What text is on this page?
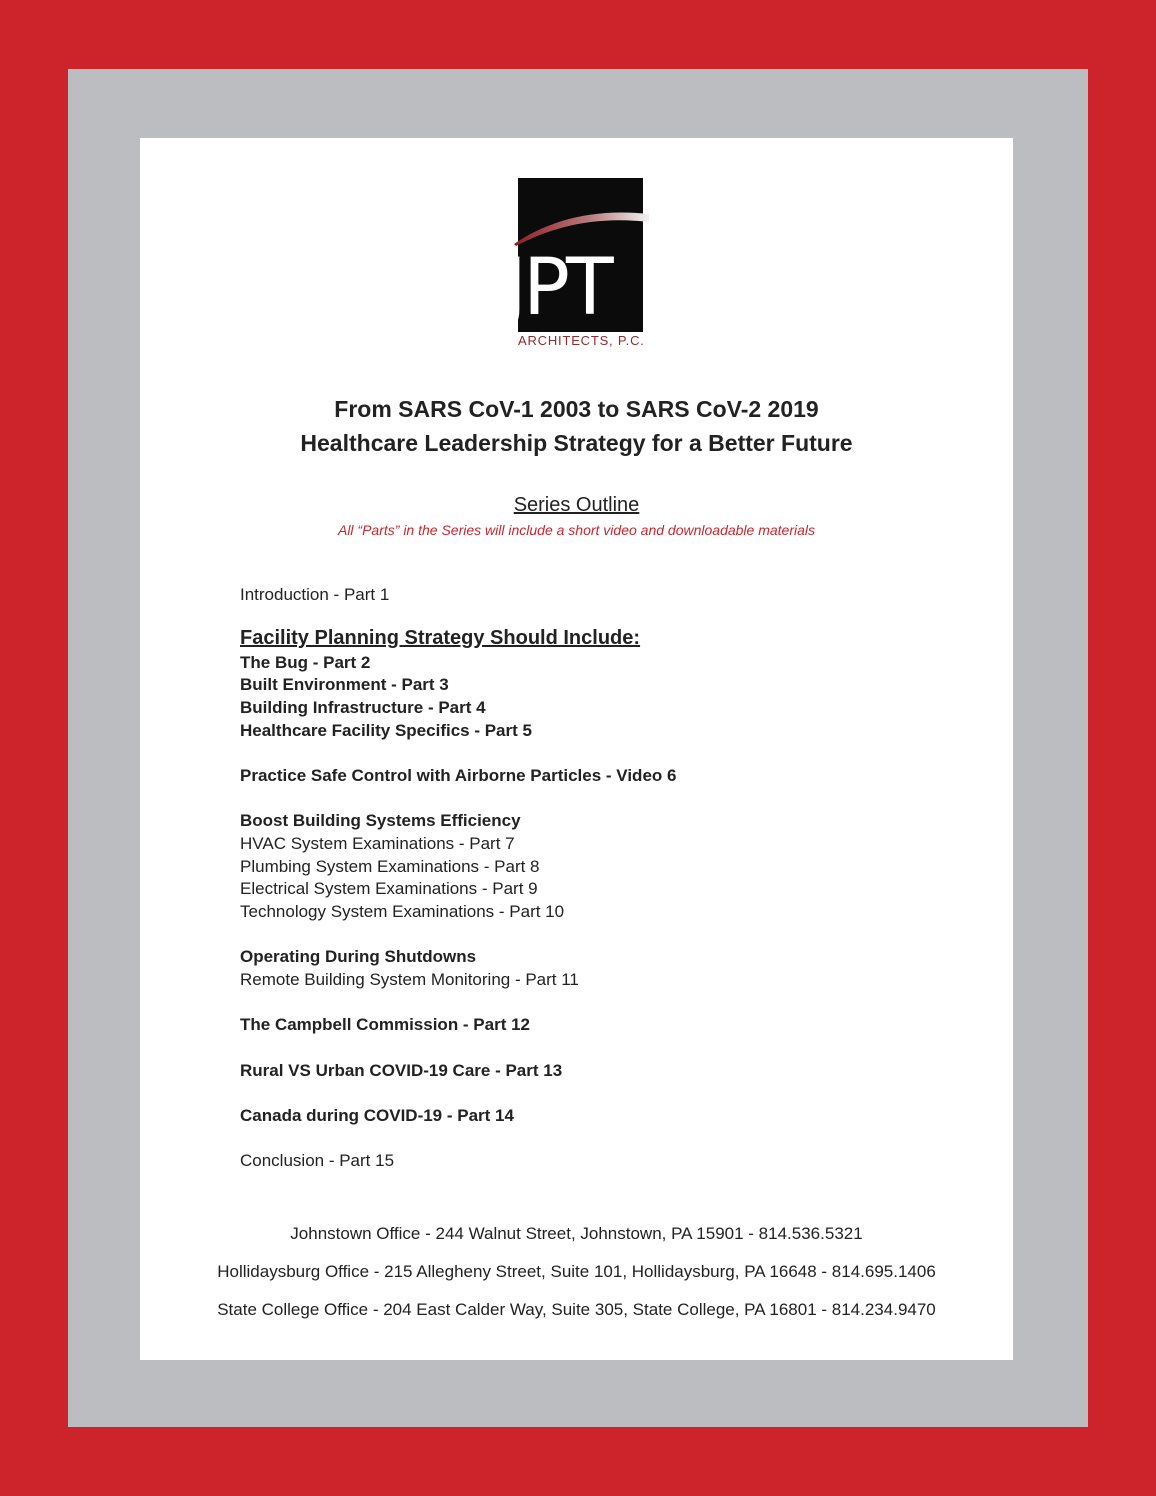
JPT
ARCHITECTS, P.C.
From SARS CoV-1 2003 to SARS CoV-2 2019
Healthcare Leadership Strategy for a Better Future
Series Outline
All “Parts” in the Series will include a short video and downloadable materials
Introduction - Part 1
Facility Planning Strategy Should Include:
The Bug - Part 2
Built Environment - Part 3
Building Infrastructure - Part 4
Healthcare Facility Specifics - Part 5
Practice Safe Control with Airborne Particles - Video 6
Boost Building Systems Efficiency
HVAC System Examinations - Part 7
Plumbing System Examinations - Part 8
Electrical System Examinations - Part 9
Technology System Examinations - Part 10
Operating During Shutdowns
Remote Building System Monitoring - Part 11
The Campbell Commission - Part 12
Rural VS Urban COVID-19 Care - Part 13
Canada during COVID-19 - Part 14
Conclusion - Part 15
Johnstown Office - 244 Walnut Street, Johnstown, PA 15901 - 814.536.5321
Hollidaysburg Office - 215 Allegheny Street, Suite 101, Hollidaysburg, PA 16648 - 814.695.1406
State College Office - 204 East Calder Way, Suite 305, State College, PA 16801 - 814.234.9470
